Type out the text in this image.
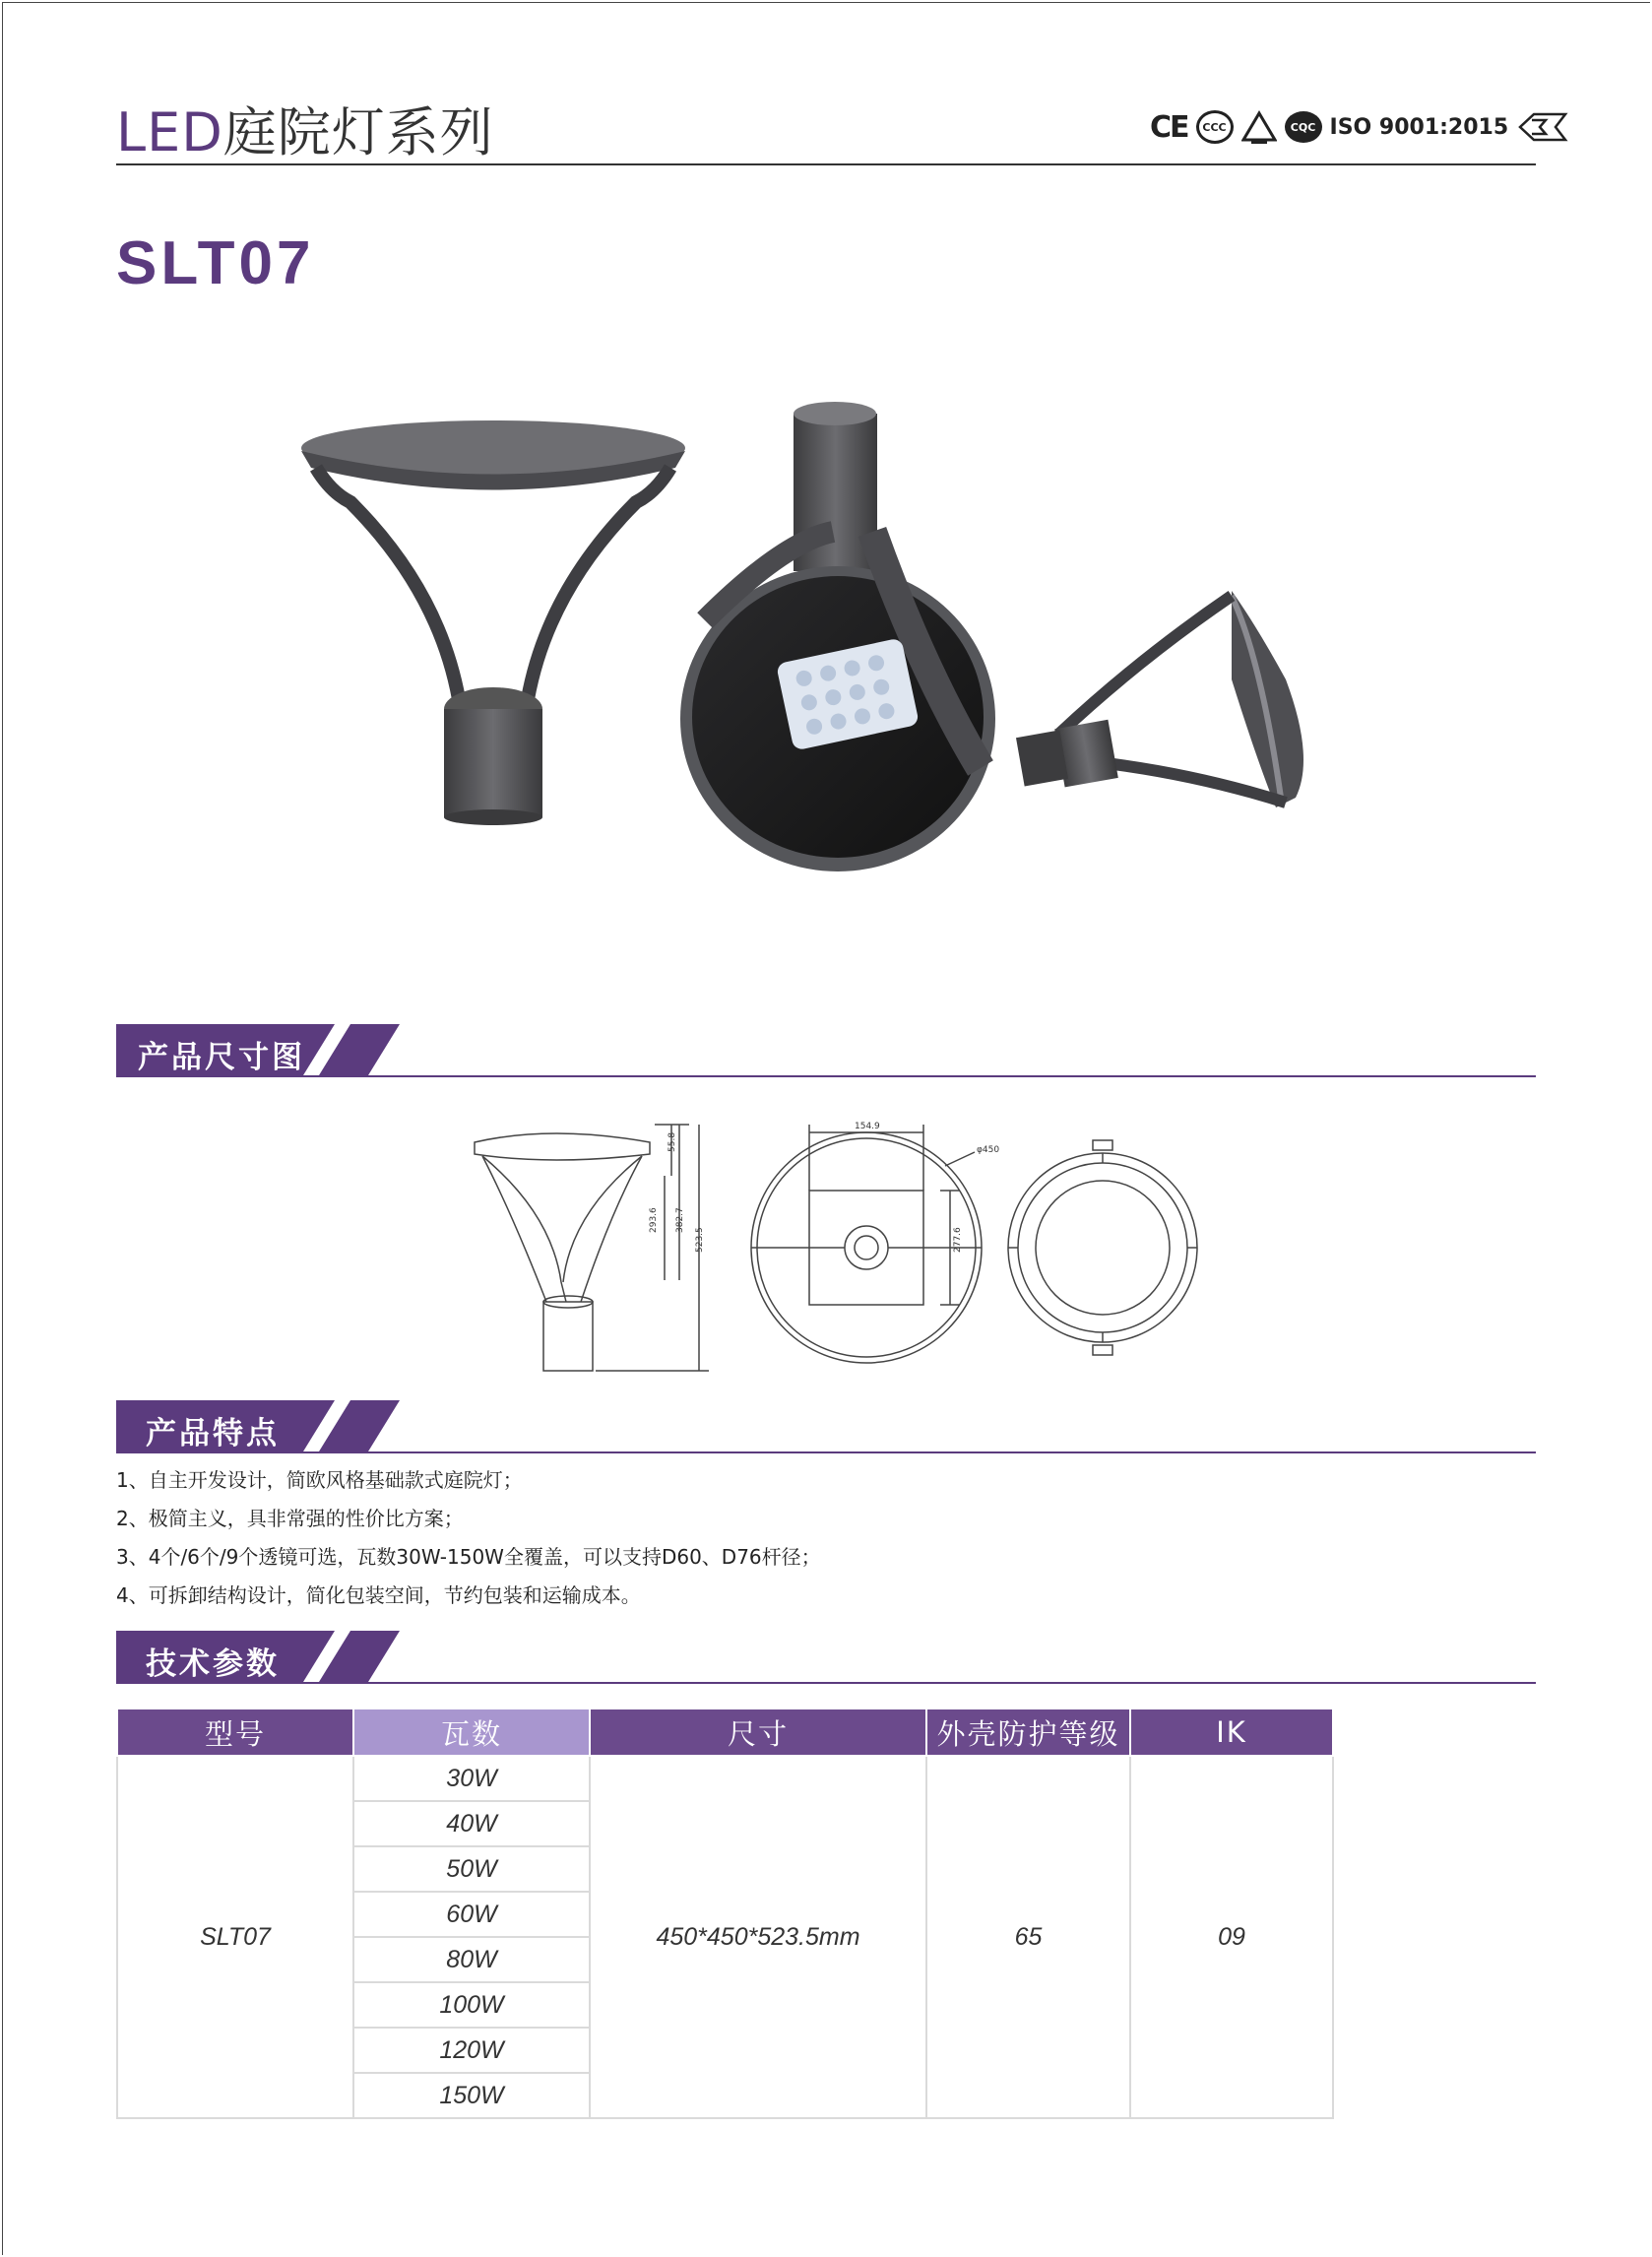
LED庭院灯系列	CE	CCC	CQC ISO 9001:2015
SLT07
产品尺寸图
55.8
293.6 382.7
523.5
154.9
φ450
277.6
产品特点
1、自主开发设计，简欧风格基础款式庭院灯；
2、极简主义，具非常强的性价比方案；
3、4个/6个/9个透镜可选，瓦数30W-150W全覆盖，可以支持D60、D76杆径；
4、可拆卸结构设计，简化包装空间，节约包装和运输成本。
技术参数
型号	瓦数	尺寸	外壳防护等级	IK
SLT07	30W	450*450*523.5mm	65	09
	40W			
	50W			
	60W			
	80W			
	100W			
	120W			
	150W			
